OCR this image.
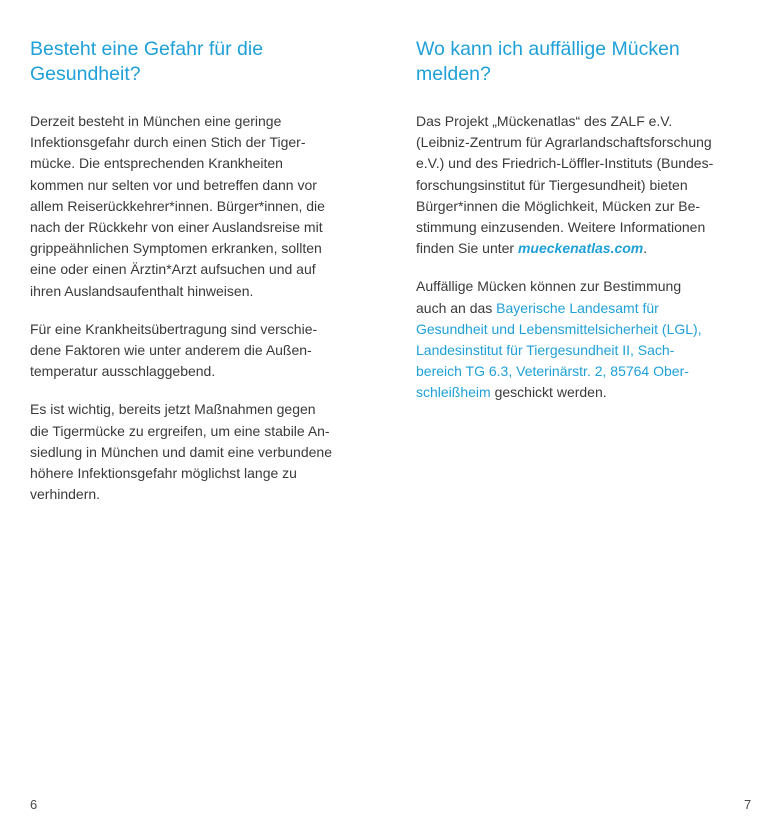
Besteht eine Gefahr für die
Gesundheit?

Derzeit besteht in München eine geringe
Infektionsgefahr durch einen Stich der Tiger-
mücke. Die entsprechenden Krankheiten
kommen nur selten vor und betreffen dann vor
allem Reiserückkehrer*innen. Bürger*innen, die
nach der Rückkehr von einer Auslandsreise mit
grippeähnlichen Symptomen erkranken, sollten
eine oder einen Ärztin*Arzt aufsuchen und auf
ihren Auslandsaufenthalt hinweisen.

Für eine Krankheitsübertragung sind verschie-
dene Faktoren wie unter anderem die Außen-
temperatur ausschlaggebend.

Es ist wichtig, bereits jetzt Maßnahmen gegen
die Tigermücke zu ergreifen, um eine stabile An-
siedlung in München und damit eine verbundene
höhere Infektionsgefahr möglichst lange zu
verhindern.

Wo kann ich auffällige Mücken
melden?

Das Projekt „Mückenatlas“ des ZALF e.V.
(Leibniz-Zentrum für Agrarlandschaftsforschung
e.V.) und des Friedrich-Löffler-Instituts (Bundes-
forschungsinstitut für Tiergesundheit) bieten
Bürger*innen die Möglichkeit, Mücken zur Be-
stimmung einzusenden. Weitere Informationen
finden Sie unter mueckenatlas.com.

Auffällige Mücken können zur Bestimmung
auch an das Bayerische Landesamt für
Gesundheit und Lebensmittelsicherheit (LGL),
Landesinstitut für Tiergesundheit II, Sach-
bereich TG 6.3, Veterinärstr. 2, 85764 Ober-
schleißheim geschickt werden.

6	7
